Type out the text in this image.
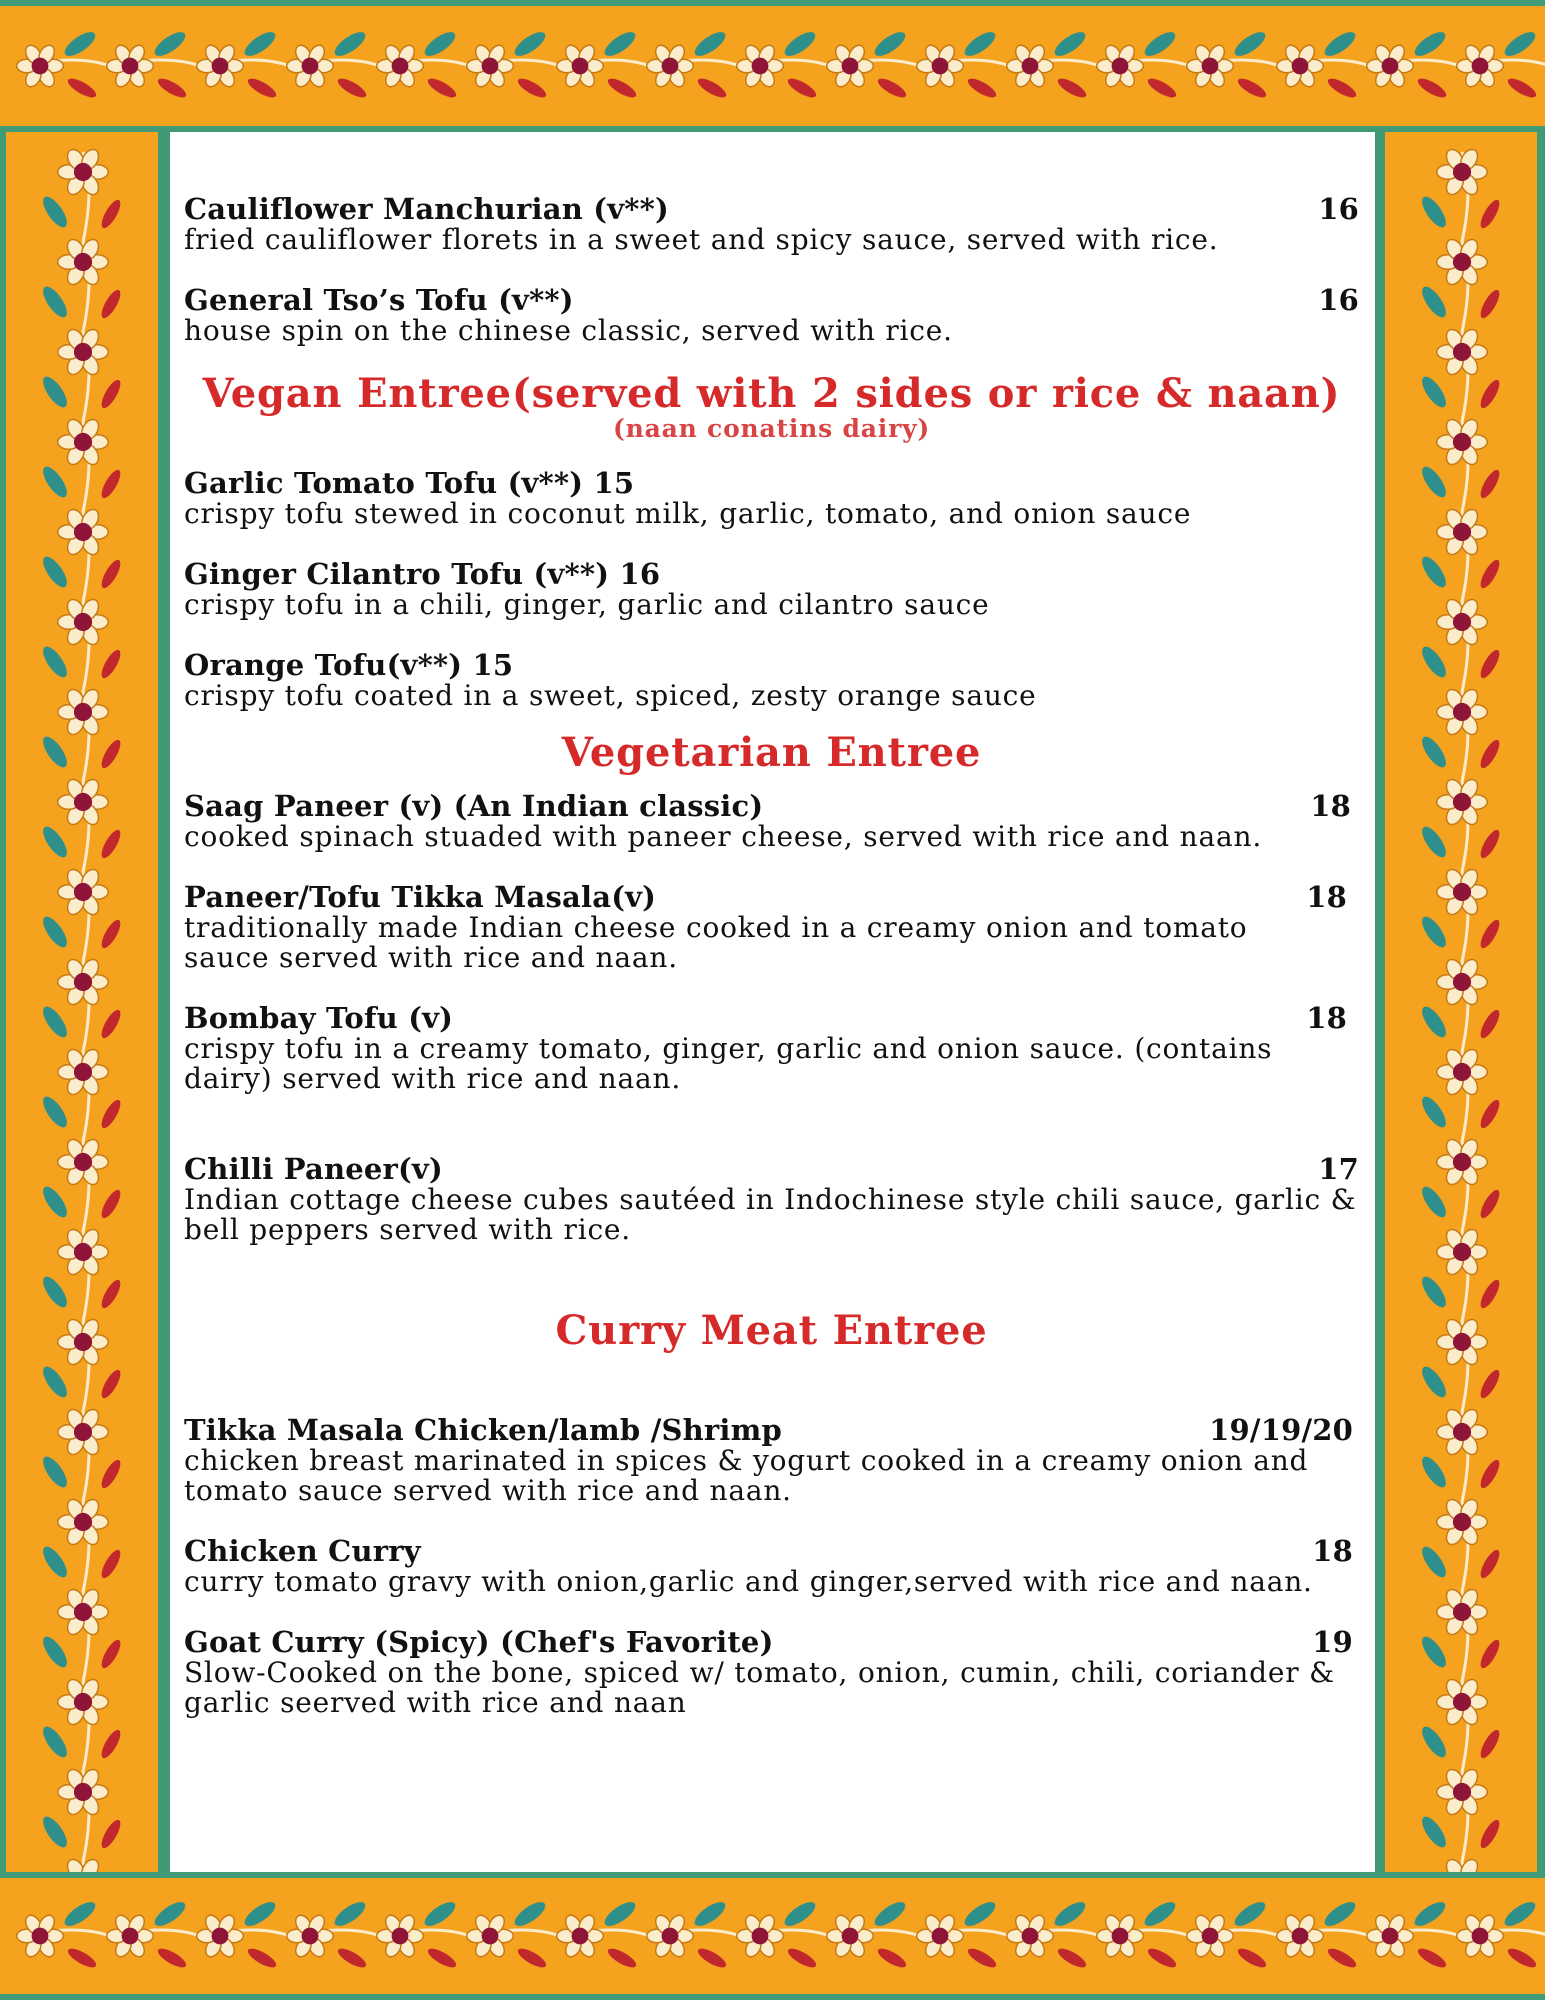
Cauliflower Manchurian (v**)	16

fried cauliflower florets in a sweet and spicy sauce, served with rice.

General Tso’s Tofu (v**)	16

house spin on the chinese classic, served with rice.

Vegan Entree(served with 2 sides or rice & naan)
(naan conatins dairy)
Garlic Tomato Tofu (v**) 15

crispy tofu stewed in coconut milk, garlic, tomato, and onion sauce

Ginger Cilantro Tofu (v**) 16

crispy tofu in a chili, ginger, garlic and cilantro sauce

Orange Tofu(v**) 15

crispy tofu coated in a sweet, spiced, zesty orange sauce

Vegetarian Entree
Saag Paneer (v) (An Indian classic)	18

cooked spinach stuaded with paneer cheese, served with rice and naan.

Paneer/Tofu Tikka Masala(v)	18

traditionally made Indian cheese cooked in a creamy onion and tomato sauce served with rice and naan.

Bombay Tofu (v)	18

crispy tofu in a creamy tomato, ginger, garlic and onion sauce. (contains dairy) served with rice and naan.

Chilli Paneer(v)	17

Indian cottage cheese cubes sautéed in Indochinese style chili sauce, garlic & bell peppers served with rice.

Curry Meat Entree
Tikka Masala Chicken/lamb /Shrimp	19/19/20

chicken breast marinated in spices & yogurt cooked in a creamy onion and tomato sauce served with rice and naan.

Chicken Curry	18

curry tomato gravy with onion,garlic and ginger,served with rice and naan.

Goat Curry (Spicy) (Chef's Favorite)	19

Slow-Cooked on the bone, spiced w/ tomato, onion, cumin, chili, coriander & garlic seerved with rice and naan
